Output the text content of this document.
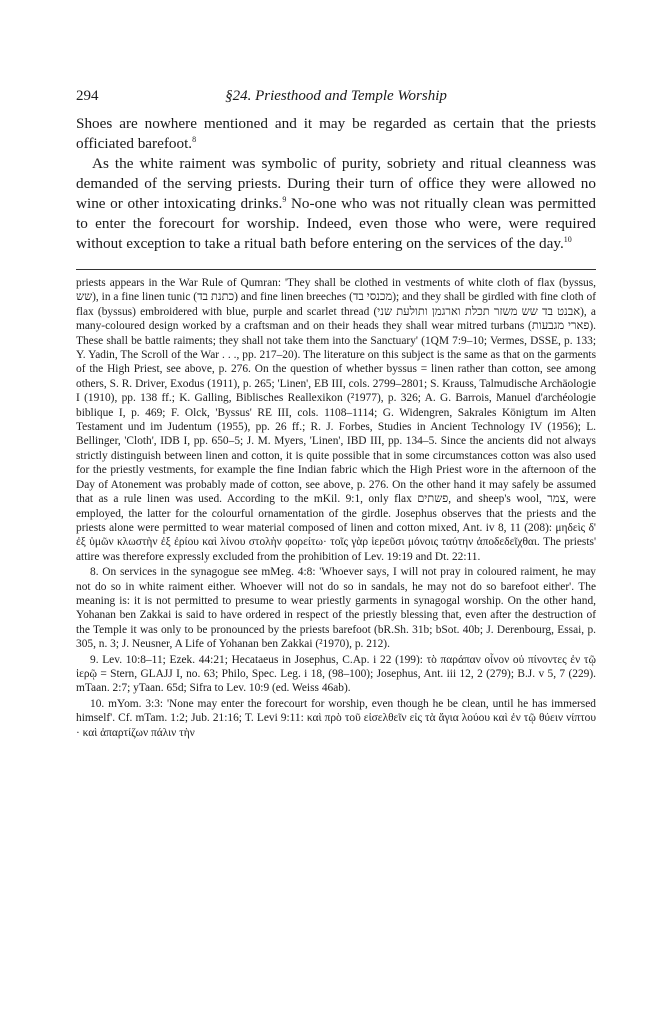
294	§24. Priesthood and Temple Worship

Shoes are nowhere mentioned and it may be regarded as certain that the priests officiated barefoot.$^8$

As the white raiment was symbolic of purity, sobriety and ritual cleanness was demanded of the serving priests. During their turn of office they were allowed no wine or other intoxicating drinks.$^9$ No-one who was not ritually clean was permitted to enter the forecourt for worship. Indeed, even those who were, were required without exception to take a ritual bath before entering on the services of the day.$^{10}$

priests appears in the War Rule of Qumran: 'They shall be clothed in vestments of white cloth of flax (byssus, שש), in a fine linen tunic (כתנת בד) and fine linen breeches (מכנסי בד); and they shall be girdled with fine cloth of flax (byssus) embroidered with blue, purple and scarlet thread (אבנט בד שש משזר תכלת וארגמן ותולעת שני), a many-coloured design worked by a craftsman and on their heads they shall wear mitred turbans (פארי מגבעות). These shall be battle raiments; they shall not take them into the Sanctuary' (1QM 7:9–10; Vermes, DSSE, p. 133; Y. Yadin, The Scroll of the War . . ., pp. 217–20). The literature on this subject is the same as that on the garments of the High Priest, see above, p. 276. On the question of whether byssus = linen rather than cotton, see among others, S. R. Driver, Exodus (1911), p. 265; 'Linen', EB III, cols. 2799–2801; S. Krauss, Talmudische Archäologie I (1910), pp. 138 ff.; K. Galling, Biblisches Reallexikon (²1977), p. 326; A. G. Barrois, Manuel d'archéologie biblique I, p. 469; F. Olck, 'Byssus' RE III, cols. 1108–1114; G. Widengren, Sakrales Königtum im Alten Testament und im Judentum (1955), pp. 26 ff.; R. J. Forbes, Studies in Ancient Technology IV (1956); L. Bellinger, 'Cloth', IDB I, pp. 650–5; J. M. Myers, 'Linen', IBD III, pp. 134–5. Since the ancients did not always strictly distinguish between linen and cotton, it is quite possible that in some circumstances cotton was also used for the priestly vestments, for example the fine Indian fabric which the High Priest wore in the afternoon of the Day of Atonement was probably made of cotton, see above, p. 276. On the other hand it may safely be assumed that as a rule linen was used. According to the mKil. 9:1, only flax פשתים, and sheep's wool, צמר, were employed, the latter for the colourful ornamentation of the girdle. Josephus observes that the priests and the priests alone were permitted to wear material composed of linen and cotton mixed, Ant. iv 8, 11 (208): μηδεὶς δ' ἐξ ὑμῶν κλωστὴν ἐξ ἐρίου καὶ λίνου στολὴν φορείτω· τοῖς γὰρ ἱερεῦσι μόνοις ταύτην ἀποδεδεῖχθαι. The priests' attire was therefore expressly excluded from the prohibition of Lev. 19:19 and Dt. 22:11.

8. On services in the synagogue see mMeg. 4:8: 'Whoever says, I will not pray in coloured raiment, he may not do so in white raiment either. Whoever will not do so in sandals, he may not do so barefoot either'. The meaning is: it is not permitted to presume to wear priestly garments in synagogal worship. On the other hand, Yohanan ben Zakkai is said to have ordered in respect of the priestly blessing that, even after the destruction of the Temple it was only to be pronounced by the priests barefoot (bR.Sh. 31b; bSot. 40b; J. Derenbourg, Essai, p. 305, n. 3; J. Neusner, A Life of Yohanan ben Zakkai (²1970), p. 212).

9. Lev. 10:8–11; Ezek. 44:21; Hecataeus in Josephus, C.Ap. i 22 (199): τὸ παράπαν οἶνον οὐ πίνοντες ἐν τῷ ἱερῷ = Stern, GLAJJ I, no. 63; Philo, Spec. Leg. i 18, (98–100); Josephus, Ant. iii 12, 2 (279); B.J. v 5, 7 (229). mTaan. 2:7; yTaan. 65d; Sifra to Lev. 10:9 (ed. Weiss 46ab).

10. mYom. 3:3: 'None may enter the forecourt for worship, even though he be clean, until he has immersed himself'. Cf. mTam. 1:2; Jub. 21:16; T. Levi 9:11: καὶ πρὸ τοῦ εἰσελθεῖν εἰς τὰ ἅγια λούου καὶ ἐν τῷ θύειν νίπτου · καὶ ἀπαρτίζων πάλιν τὴν
